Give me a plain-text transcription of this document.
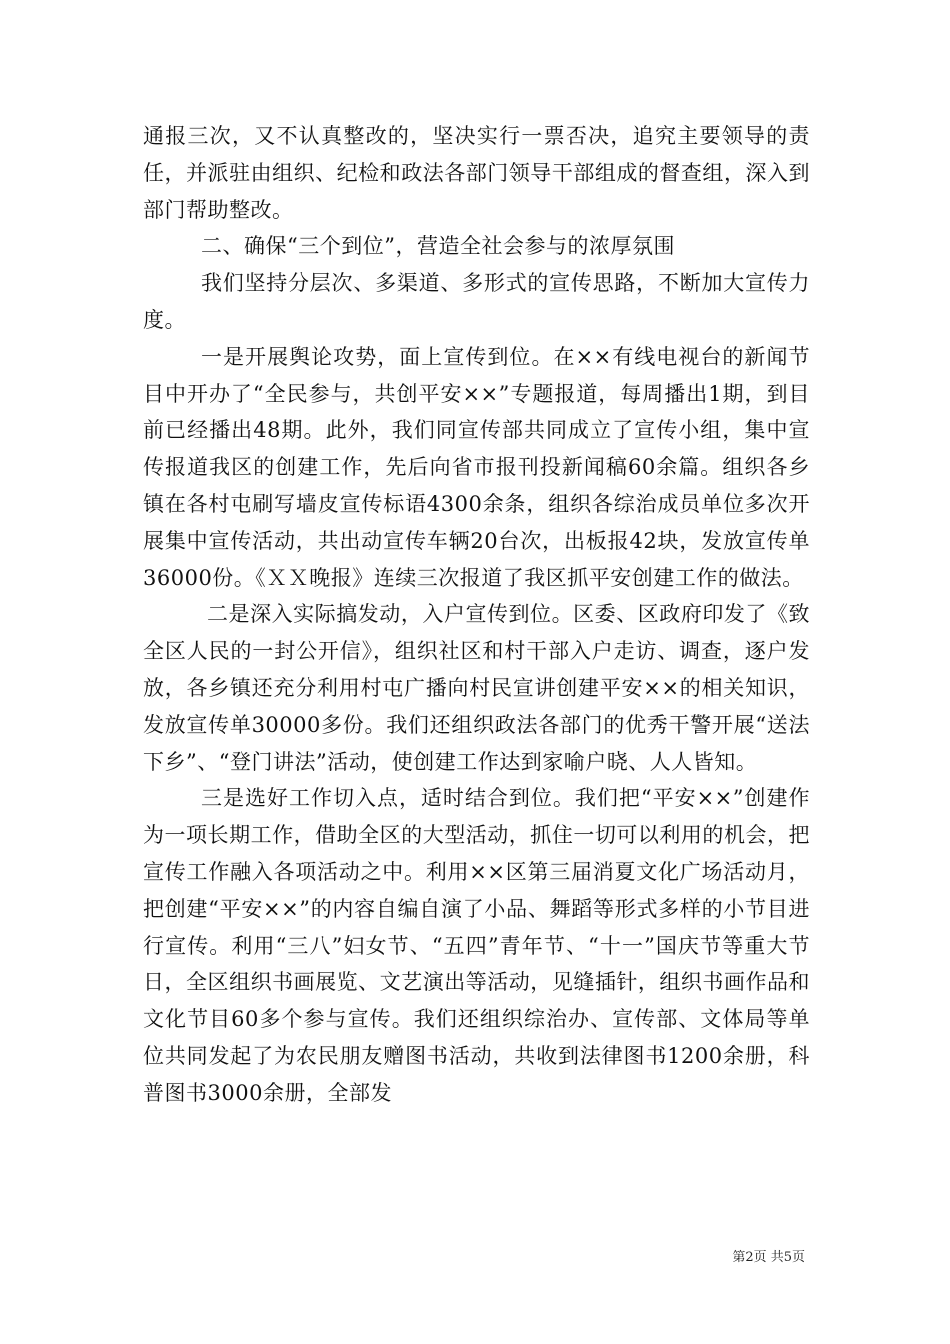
通报三次，又不认真整改的，坚决实行一票否决，追究主要领导的责任，并派驻由组织、纪检和政法各部门领导干部组成的督查组，深入到部门帮助整改。

二、确保“三个到位”，营造全社会参与的浓厚氛围

我们坚持分层次、多渠道、多形式的宣传思路，不断加大宣传力度。

一是开展舆论攻势，面上宣传到位。在××有线电视台的新闻节目中开办了“全民参与，共创平安××”专题报道，每周播出1期，到目前已经播出48期。此外，我们同宣传部共同成立了宣传小组，集中宣传报道我区的创建工作，先后向省市报刊投新闻稿60余篇。组织各乡镇在各村屯刷写墙皮宣传标语4300余条，组织各综治成员单位多次开展集中宣传活动，共出动宣传车辆20台次，出板报42块，发放宣传单36000份。《ＸＸ晚报》连续三次报道了我区抓平安创建工作的做法。

二是深入实际搞发动，入户宣传到位。区委、区政府印发了《致全区人民的一封公开信》，组织社区和村干部入户走访、调查，逐户发放，各乡镇还充分利用村屯广播向村民宣讲创建平安××的相关知识，发放宣传单30000多份。我们还组织政法各部门的优秀干警开展“送法下乡”、“登门讲法”活动，使创建工作达到家喻户晓、人人皆知。

三是选好工作切入点，适时结合到位。我们把“平安××”创建作为一项长期工作，借助全区的大型活动，抓住一切可以利用的机会，把宣传工作融入各项活动之中。利用××区第三届消夏文化广场活动月，把创建“平安××”的内容自编自演了小品、舞蹈等形式多样的小节目进行宣传。利用“三八”妇女节、“五四”青年节、“十一”国庆节等重大节日，全区组织书画展览、文艺演出等活动，见缝插针，组织书画作品和文化节目60多个参与宣传。我们还组织综治办、宣传部、文体局等单位共同发起了为农民朋友赠图书活动，共收到法律图书1200余册，科普图书3000余册，全部发

第2页 共5页
